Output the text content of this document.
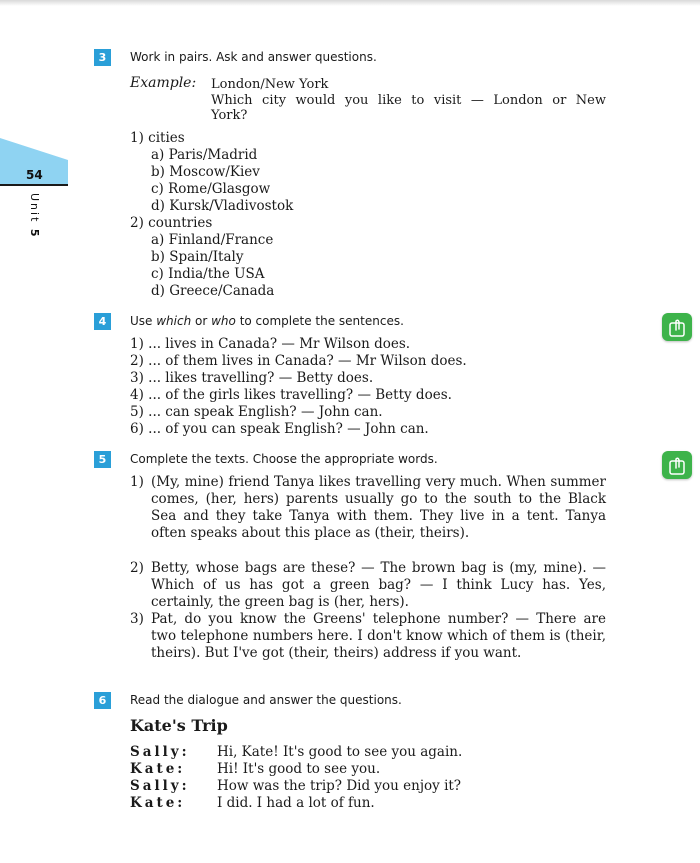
54
Unit 5
3	Work in pairs. Ask and answer questions.
Example: London/New York
Which city would you like to visit — London or New
York?
1) cities
a) Paris/Madrid
b) Moscow/Kiev
c) Rome/Glasgow
d) Kursk/Vladivostok
2) countries
a) Finland/France
b) Spain/Italy
c) India/the USA
d) Greece/Canada
4	Use which or who to complete the sentences.
1) ... lives in Canada? — Mr Wilson does.
2) ... of them lives in Canada? — Mr Wilson does.
3) ... likes travelling? — Betty does.
4) ... of the girls likes travelling? — Betty does.
5) ... can speak English? — John can.
6) ... of you can speak English? — John can.
5	Complete the texts. Choose the appropriate words.
1) (My, mine) friend Tanya likes travelling very much. When summer comes, (her, hers) parents usually go to the south to the Black Sea and they take Tanya with them. They live in a tent. Tanya often speaks about this place as (their, theirs).
2) Betty, whose bags are these? — The brown bag is (my, mine). — Which of us has got a green bag? — I think Lucy has. Yes, certainly, the green bag is (her, hers).
3) Pat, do you know the Greens' telephone number? — There are two telephone numbers here. I don't know which of them is (their, theirs). But I've got (their, theirs) address if you want.
6	Read the dialogue and answer the questions.
Kate's Trip
Sally: Hi, Kate! It's good to see you again.
Kate: Hi! It's good to see you.
Sally: How was the trip? Did you enjoy it?
Kate: I did. I had a lot of fun.
